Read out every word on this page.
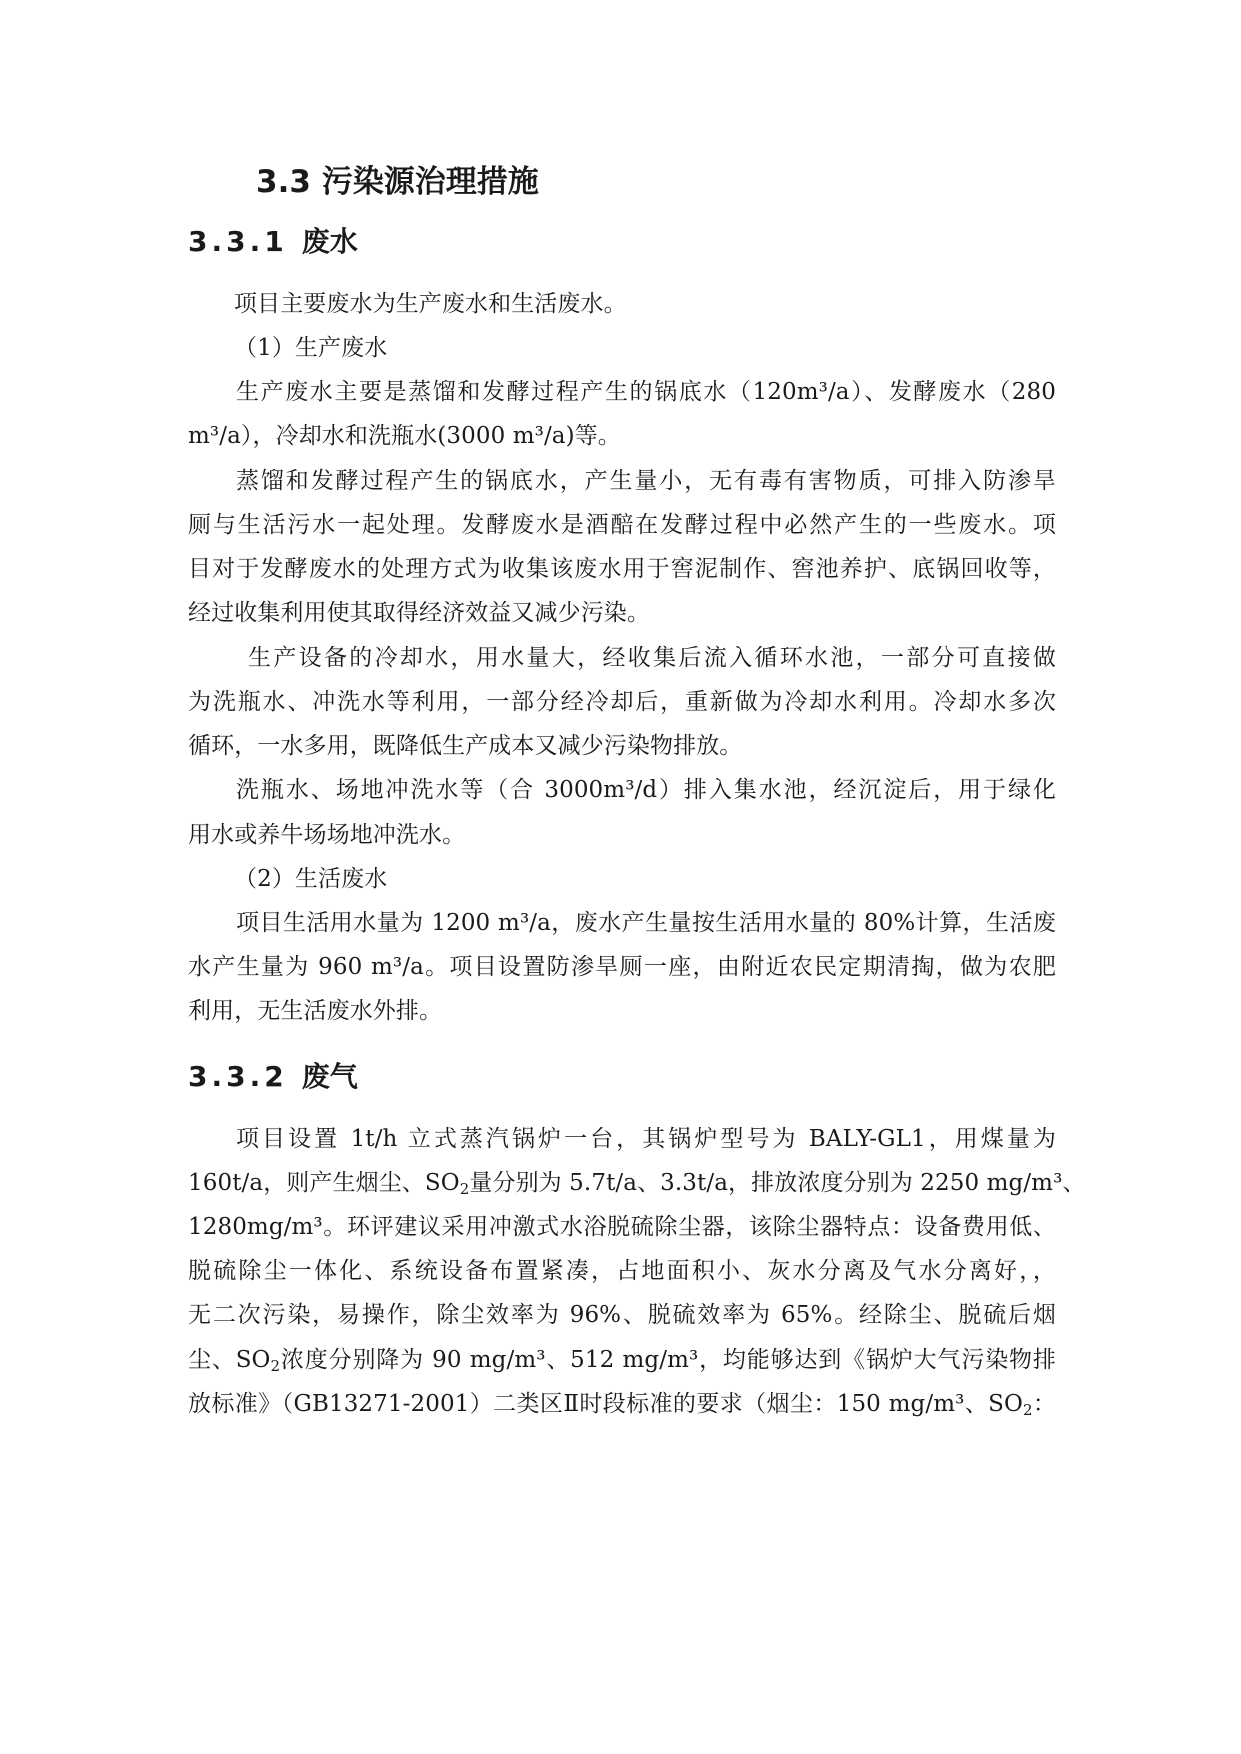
3.3 污染源治理措施
3.3.1 废水

项目主要废水为生产废水和生活废水。

（1）生产废水

生产废水主要是蒸馏和发酵过程产生的锅底水（120m³/a）、发酵废水（280

m³/a），冷却水和洗瓶水(3000 m³/a)等。

蒸馏和发酵过程产生的锅底水，产生量小，无有毒有害物质，可排入防渗旱

厕与生活污水一起处理。发酵废水是酒醅在发酵过程中必然产生的一些废水。项

目对于发酵废水的处理方式为收集该废水用于窖泥制作、窖池养护、底锅回收等，

经过收集利用使其取得经济效益又减少污染。

生产设备的冷却水，用水量大，经收集后流入循环水池，一部分可直接做

为洗瓶水、冲洗水等利用，一部分经冷却后，重新做为冷却水利用。冷却水多次

循环，一水多用，既降低生产成本又减少污染物排放。

洗瓶水、场地冲洗水等（合 3000m³/d）排入集水池，经沉淀后，用于绿化

用水或养牛场场地冲洗水。

（2）生活废水

项目生活用水量为 1200 m³/a，废水产生量按生活用水量的 80%计算，生活废

水产生量为 960 m³/a。项目设置防渗旱厕一座，由附近农民定期清掏，做为农肥

利用，无生活废水外排。

3.3.2 废气

项目设置 1t/h 立式蒸汽锅炉一台，其锅炉型号为 BALY-GL1，用煤量为

160t/a，则产生烟尘、$SO_2$量分别为 5.7t/a、3.3t/a，排放浓度分别为 2250 mg/m³、

1280mg/m³。环评建议采用冲激式水浴脱硫除尘器，该除尘器特点：设备费用低、

脱硫除尘一体化、系统设备布置紧凑，占地面积小、灰水分离及气水分离好，，

无二次污染，易操作，除尘效率为 96%、脱硫效率为 65%。经除尘、脱硫后烟

尘、$SO_2$浓度分别降为 90 mg/m³、512 mg/m³，均能够达到《锅炉大气污染物排

放标准》（GB13271-2001）二类区Ⅱ时段标准的要求（烟尘：150 mg/m³、$SO_2$：
